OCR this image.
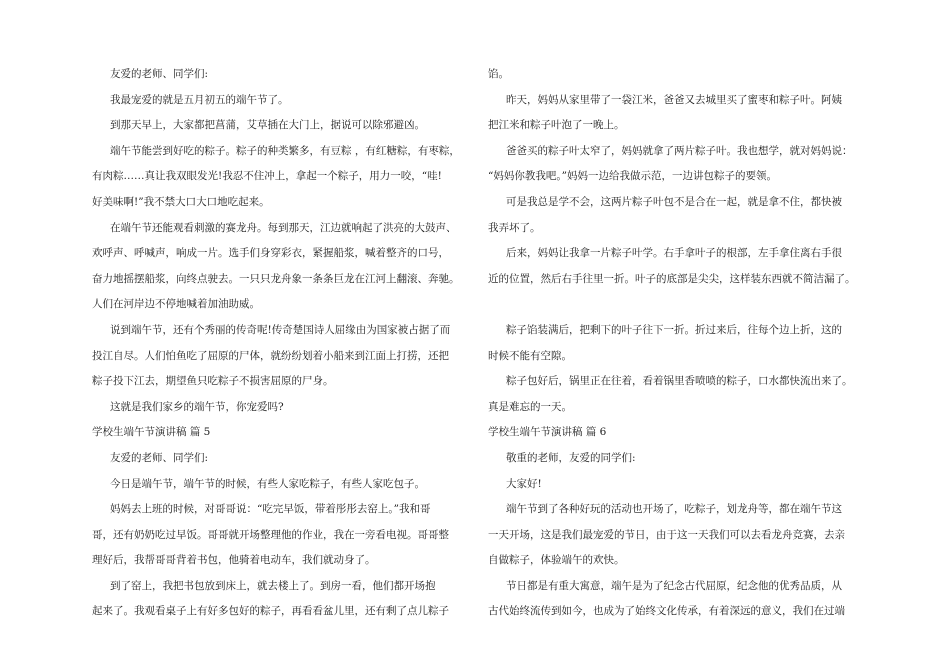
友爱的老师、同学们:
我最宠爱的就是五月初五的端午节了。
到那天早上，大家都把菖蒲，艾草插在大门上，据说可以除邪避凶。
端午节能尝到好吃的粽子。粽子的种类繁多，有豆粽 ，有红糖粽，有枣粽，
有肉粽……真让我双眼发光!我忍不住冲上，拿起一个粽子，用力一咬，“哇!
好美味啊!”我不禁大口大口地吃起来。
在端午节还能观看刺激的赛龙舟。每到那天，江边就响起了洪亮的大鼓声、
欢呼声、呼喊声，响成一片。选手们身穿彩衣，紧握船浆，喊着整齐的口号，
奋力地摇摆船浆，向终点驶去。一只只龙舟象一条条巨龙在江河上翻滚、奔驰。
人们在河岸边不停地喊着加油助威。
说到端午节，还有个秀丽的传奇呢!传奇楚国诗人屈缘由为国家被占据了而
投江自尽。人们怕鱼吃了屈原的尸体，就纷纷划着小船来到江面上打捞，还把
粽子投下江去，期望鱼只吃粽子不损害屈原的尸身。
这就是我们家乡的端午节，你宠爱吗?
学校生端午节演讲稿 篇 5
友爱的老师、同学们:
今日是端午节，端午节的时候，有些人家吃粽子，有些人家吃包子。
妈妈去上班的时候，对哥哥说：“吃完早饭，带着彤彤去窑上。”我和哥
哥，还有奶奶吃过早饭。哥哥就开场整理他的作业，我在一旁看电视。哥哥整
理好后，我帮哥哥背着书包，他骑着电动车，我们就动身了。
到了窑上，我把书包放到床上，就去楼上了。到房一看，他们都开场抱
起来了。我观看桌子上有好多包好的粽子，再看看盆儿里，还有剩了点儿粽子
馅。
昨天，妈妈从家里带了一袋江米，爸爸又去城里买了蜜枣和粽子叶。阿姨
把江米和粽子叶泡了一晚上。
爸爸买的粽子叶太窄了，妈妈就拿了两片粽子叶。我也想学，就对妈妈说：
“妈妈你教我吧。”妈妈一边给我做示范，一边讲包粽子的要领。
可是我总是学不会，这两片粽子叶包不是合在一起，就是拿不住，都快被
我弄坏了。
后来，妈妈让我拿一片粽子叶学。右手拿叶子的根部，左手拿住离右手很
近的位置，然后右手往里一折。叶子的底部是尖尖，这样装东西就不简洁漏了。
粽子馅装满后，把剩下的叶子往下一折。折过来后，往每个边上折，这的
时候不能有空隙。
粽子包好后，锅里正在往着，看着锅里香喷喷的粽子，口水都快流出来了。
真是难忘的一天。
学校生端午节演讲稿 篇 6
敬重的老师，友爱的同学们:
大家好!
端午节到了各种好玩的活动也开场了，吃粽子，划龙舟等，都在端午节这
一天开场，这是我们最宠爱的节日，由于这一天我们可以去看龙舟竞赛，去亲
自做粽子，体验端午的欢快。
节日都是有重大寓意，端午是为了纪念古代屈原，纪念他的优秀品质，从
古代始终流传到如今，也成为了始终文化传承，有着深远的意义，我们在过端
